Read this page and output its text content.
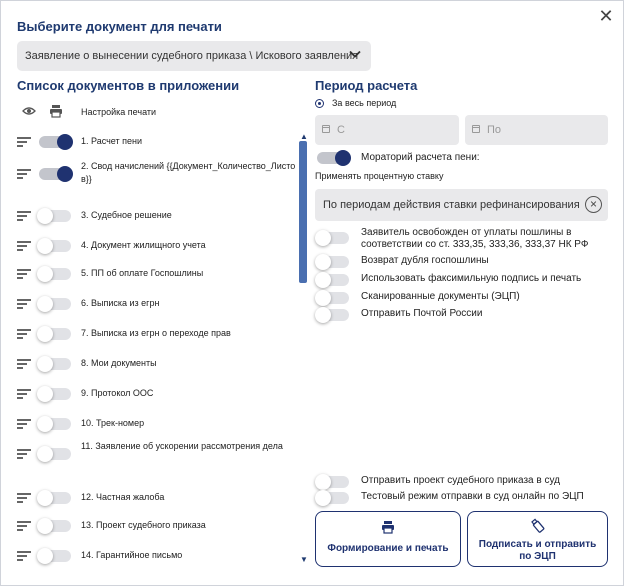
Выберите документ для печати
✕
Заявление о вынесении судебного приказа \ Искового заявления
Список документов в приложении
Настройка печати
1. Расчет пени
2. Свод начислений {{Документ_Количество_Листо
в}}
3. Судебное решение
4. Документ жилищного учета
5. ПП об оплате Госпошлины
6. Выписка из егрн
7. Выписка из егрн о переходе прав
8. Мои документы
9. Протокол ООС
10. Трек-номер
11. Заявление об ускорении рассмотрения дела
12. Частная жалоба
13. Проект судебного приказа
14. Гарантийное письмо
▲
▼
Период расчета
За весь период
С	По
Мораторий расчета пени:
Применять процентную ставку
По периодам действия ставки рефинансирования ×
Заявитель освобожден от уплаты пошлины в
соответствии со ст. 333,35, 333,36, 333,37 НК РФ
Возврат дубля госпошлины
Использовать факсимильную подпись и печать
Сканированные документы (ЭЦП)
Отправить Почтой России
Отправить проект судебного приказа в суд
Тестовый режим отправки в суд онлайн по ЭЦП
Формирование и печать	Подписать и отправить
по ЭЦП
